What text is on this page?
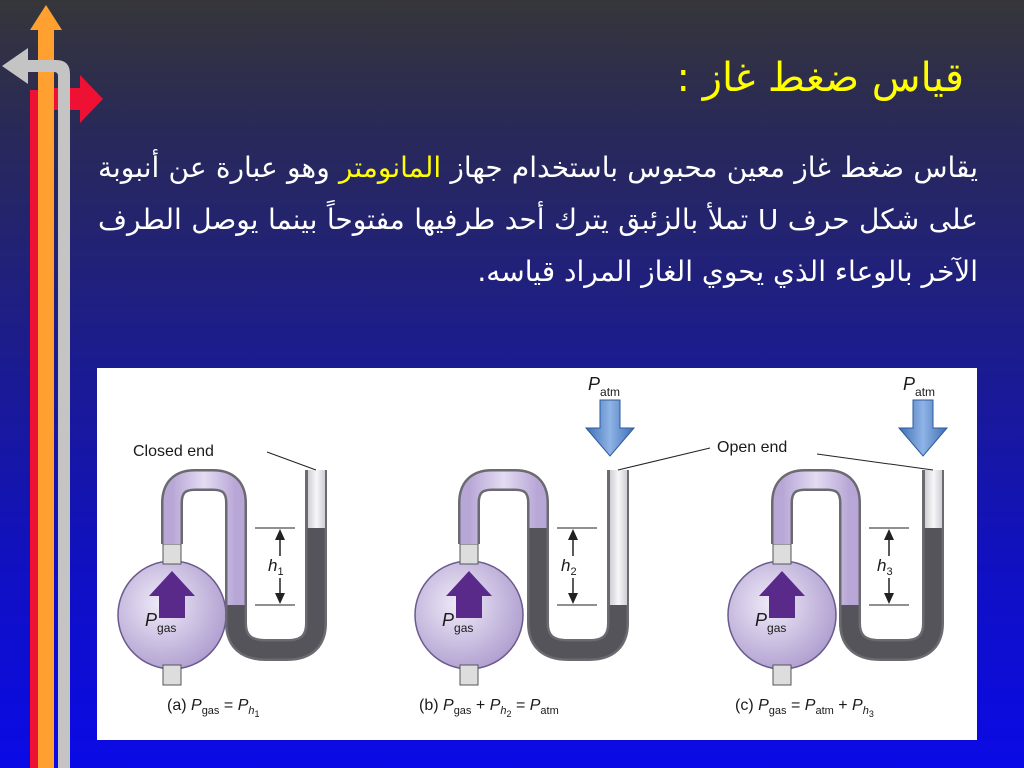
قياس ضغط غاز :
يقاس ضغط غاز معين محبوس باستخدام جهاز المانومتر وهو عبارة عن أنبوبة على شكل حرف U تملأ بالزئبق يترك أحد طرفيها مفتوحاً بينما يوصل الطرف الآخر بالوعاء الذي يحوي الغاز المراد قياسه.
$h_1$
$P_{gas}$
Closed end
$h_2$
$P_{gas}$
$P_{atm}$
$h_3$
$P_{gas}$
$P_{atm}$
Open end
(a) $P_{gas} = P_h1$	(b) $P_{gas} + P_h2 = P_{atm}$	(c) $P_{gas} = P_{atm} + P_h3$
